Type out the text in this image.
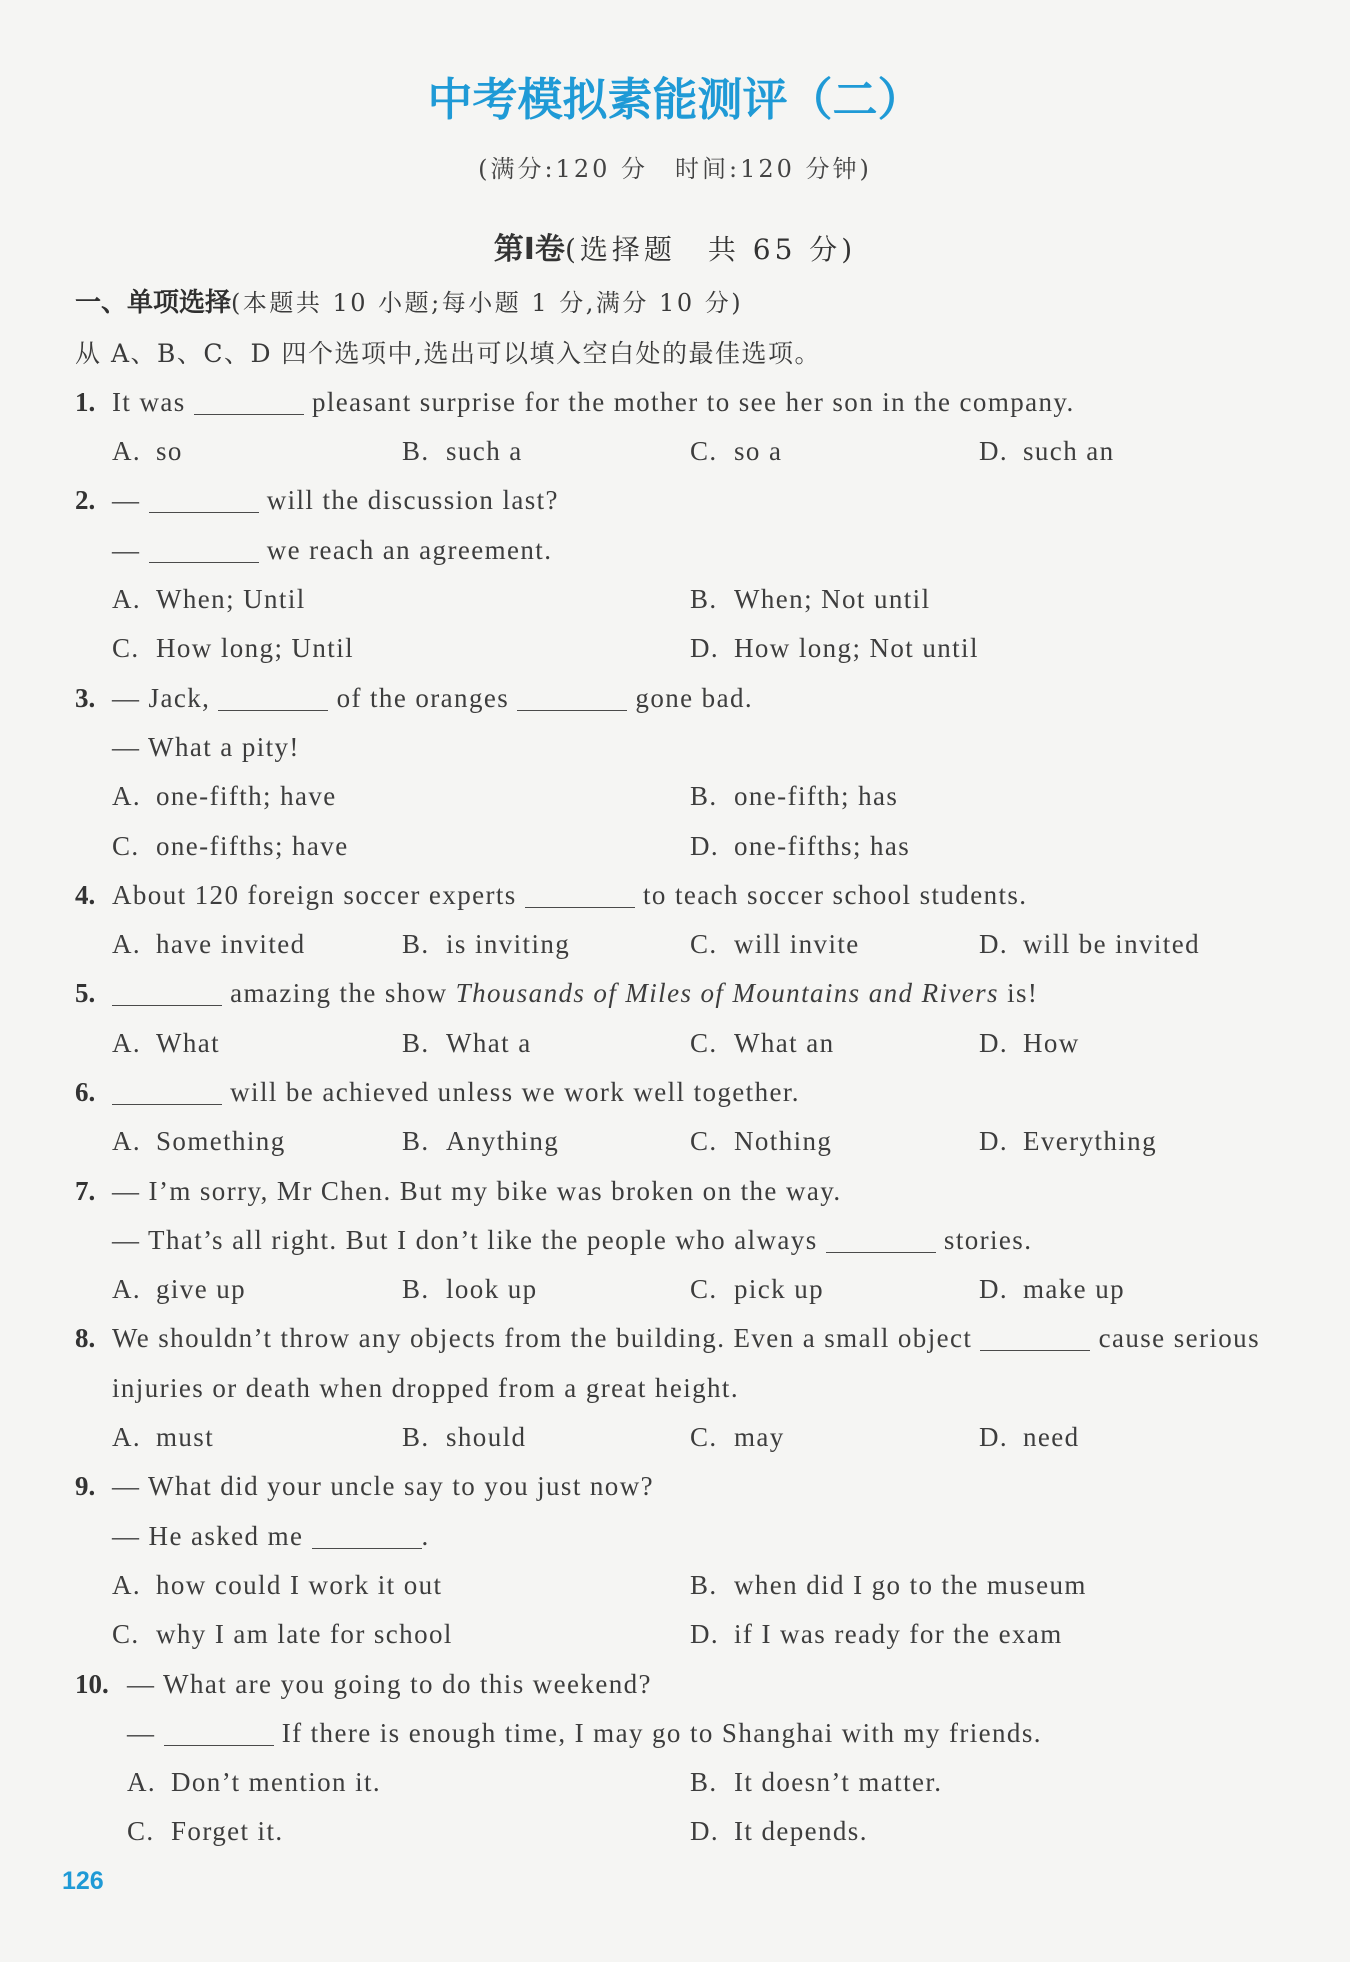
中考模拟素能测评（二）
(满分:120 分　时间:120 分钟)
第Ⅰ卷(选择题　共 65 分)
一、单项选择(本题共 10 小题;每小题 1 分,满分 10 分)
从 A、B、C、D 四个选项中,选出可以填入空白处的最佳选项。
1. It was	pleasant surprise for the mother to see her son in the company.
A. so	B. such a	C. so a	D. such an
2. —	will the discussion last?
—	we reach an agreement.
A. When; Until	B. When; Not until
C. How long; Until	D. How long; Not until
3. — Jack,	of the oranges	gone bad.
— What a pity!
A. one-fifth; have	B. one-fifth; has
C. one-fifths; have	D. one-fifths; has
4. About 120 foreign soccer experts	to teach soccer school students.
A. have invited	B. is inviting	C. will invite	D. will be invited
5.	amazing the show Thousands of Miles of Mountains and Rivers is!
A. What	B. What a	C. What an	D. How
6.	will be achieved unless we work well together.
A. Something	B. Anything	C. Nothing	D. Everything
7. — I’m sorry, Mr Chen. But my bike was broken on the way.
— That’s all right. But I don’t like the people who always	stories.
A. give up	B. look up	C. pick up	D. make up
8. We shouldn’t throw any objects from the building. Even a small object	cause serious
injuries or death when dropped from a great height.
A. must	B. should	C. may	D. need
9. — What did your uncle say to you just now?
— He asked me	.
A. how could I work it out	B. when did I go to the museum
C. why I am late for school	D. if I was ready for the exam
10. — What are you going to do this weekend?
—	If there is enough time, I may go to Shanghai with my friends.
A. Don’t mention it.	B. It doesn’t matter.
C. Forget it.	D. It depends.
126
